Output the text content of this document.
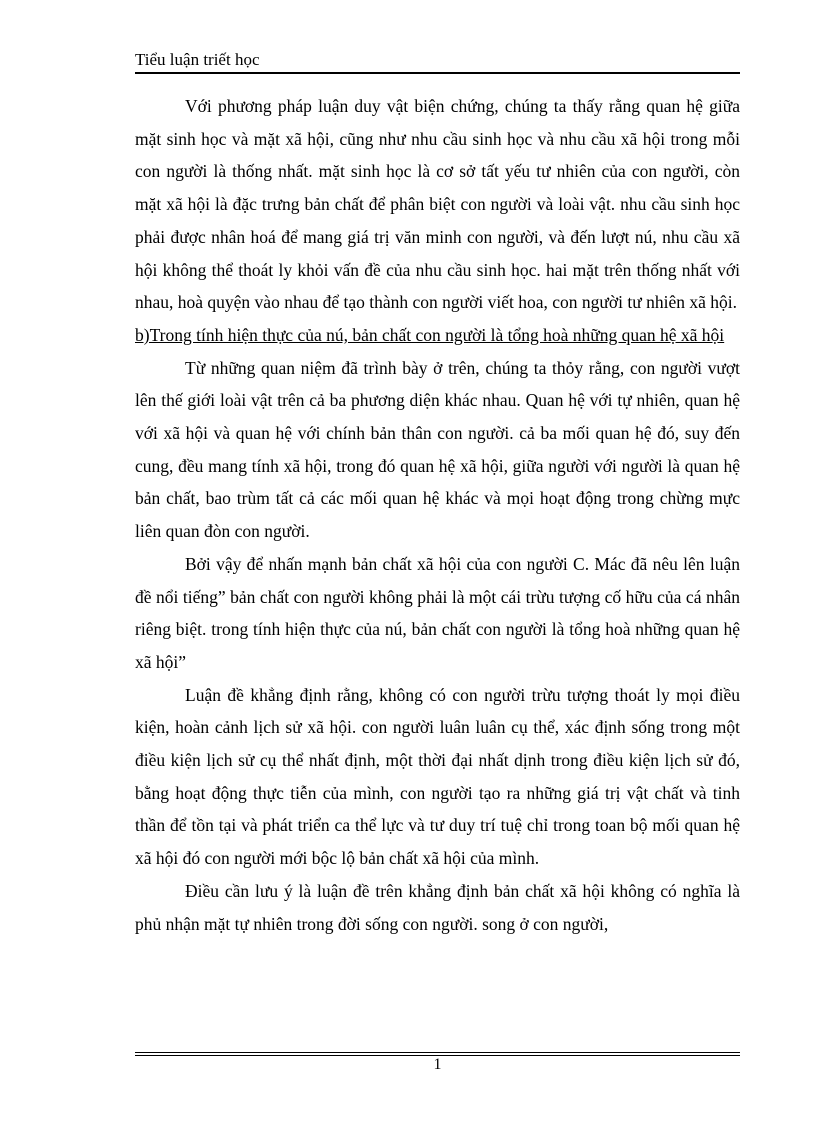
Tiểu luận triết học

Với phương pháp luận duy vật biện chứng, chúng ta thấy rằng quan hệ giữa mặt sinh học và mặt xã hội, cũng như nhu cầu sinh học và nhu cầu xã hội trong mỗi con người là thống nhất. mặt sinh học là cơ sở tất yếu tư nhiên của con người, còn mặt xã hội là đặc trưng bản chất để phân biệt con người và loài vật. nhu cầu sinh học phải được nhân hoá để mang giá trị văn minh con người, và đến lượt nú, nhu cầu xã hội không thể thoát ly khỏi vấn đề của nhu cầu sinh học. hai mặt trên thống nhất với nhau, hoà quyện vào nhau để tạo thành con người viết hoa, con người tư nhiên xã hội.

b)Trong tính hiện thực của nú, bản chất con người là tổng hoà những quan hệ xã hội

Từ những quan niệm đã trình bày ở trên, chúng ta thỏy rằng, con người vượt lên thế giới loài vật trên cả ba phương diện khác nhau. Quan hệ với tự nhiên, quan hệ với xã hội và quan hệ với chính bản thân con người. cả ba mối quan hệ đó, suy đến cung, đều mang tính xã hội, trong đó quan hệ xã hội, giữa người với người là quan hệ bản chất, bao trùm tất cả các mối quan hệ khác và mọi hoạt động trong chừng mực liên quan đòn con người.

Bởi vậy để nhấn mạnh bản chất xã hội của con người C. Mác đã nêu lên luận đề nổi tiếng” bản chất con người không phải là một cái trừu tượng cố hữu của cá nhân riêng biệt. trong tính hiện thực của nú, bản chất con người là tổng hoà những quan hệ xã hội”

Luận đề khẳng định rằng, không có con người trừu tượng thoát ly mọi điều kiện, hoàn cảnh lịch sử xã hội. con người luân luân cụ thể, xác định sống trong một điều kiện lịch sử cụ thể nhất định, một thời đại nhất dịnh trong điều kiện lịch sử đó, bằng hoạt động thực tiễn của mình, con người tạo ra những giá trị vật chất và tinh thần để tồn tại và phát triển ca thể lực và tư duy trí tuệ chỉ trong toan bộ mối quan hệ xã hội đó con người mới bộc lộ bản chất xã hội của mình.

Điều cần lưu ý là luận đề trên khẳng định bản chất xã hội không có nghĩa là phủ nhận mặt tự nhiên trong đời sống con người. song ở con người,

1
